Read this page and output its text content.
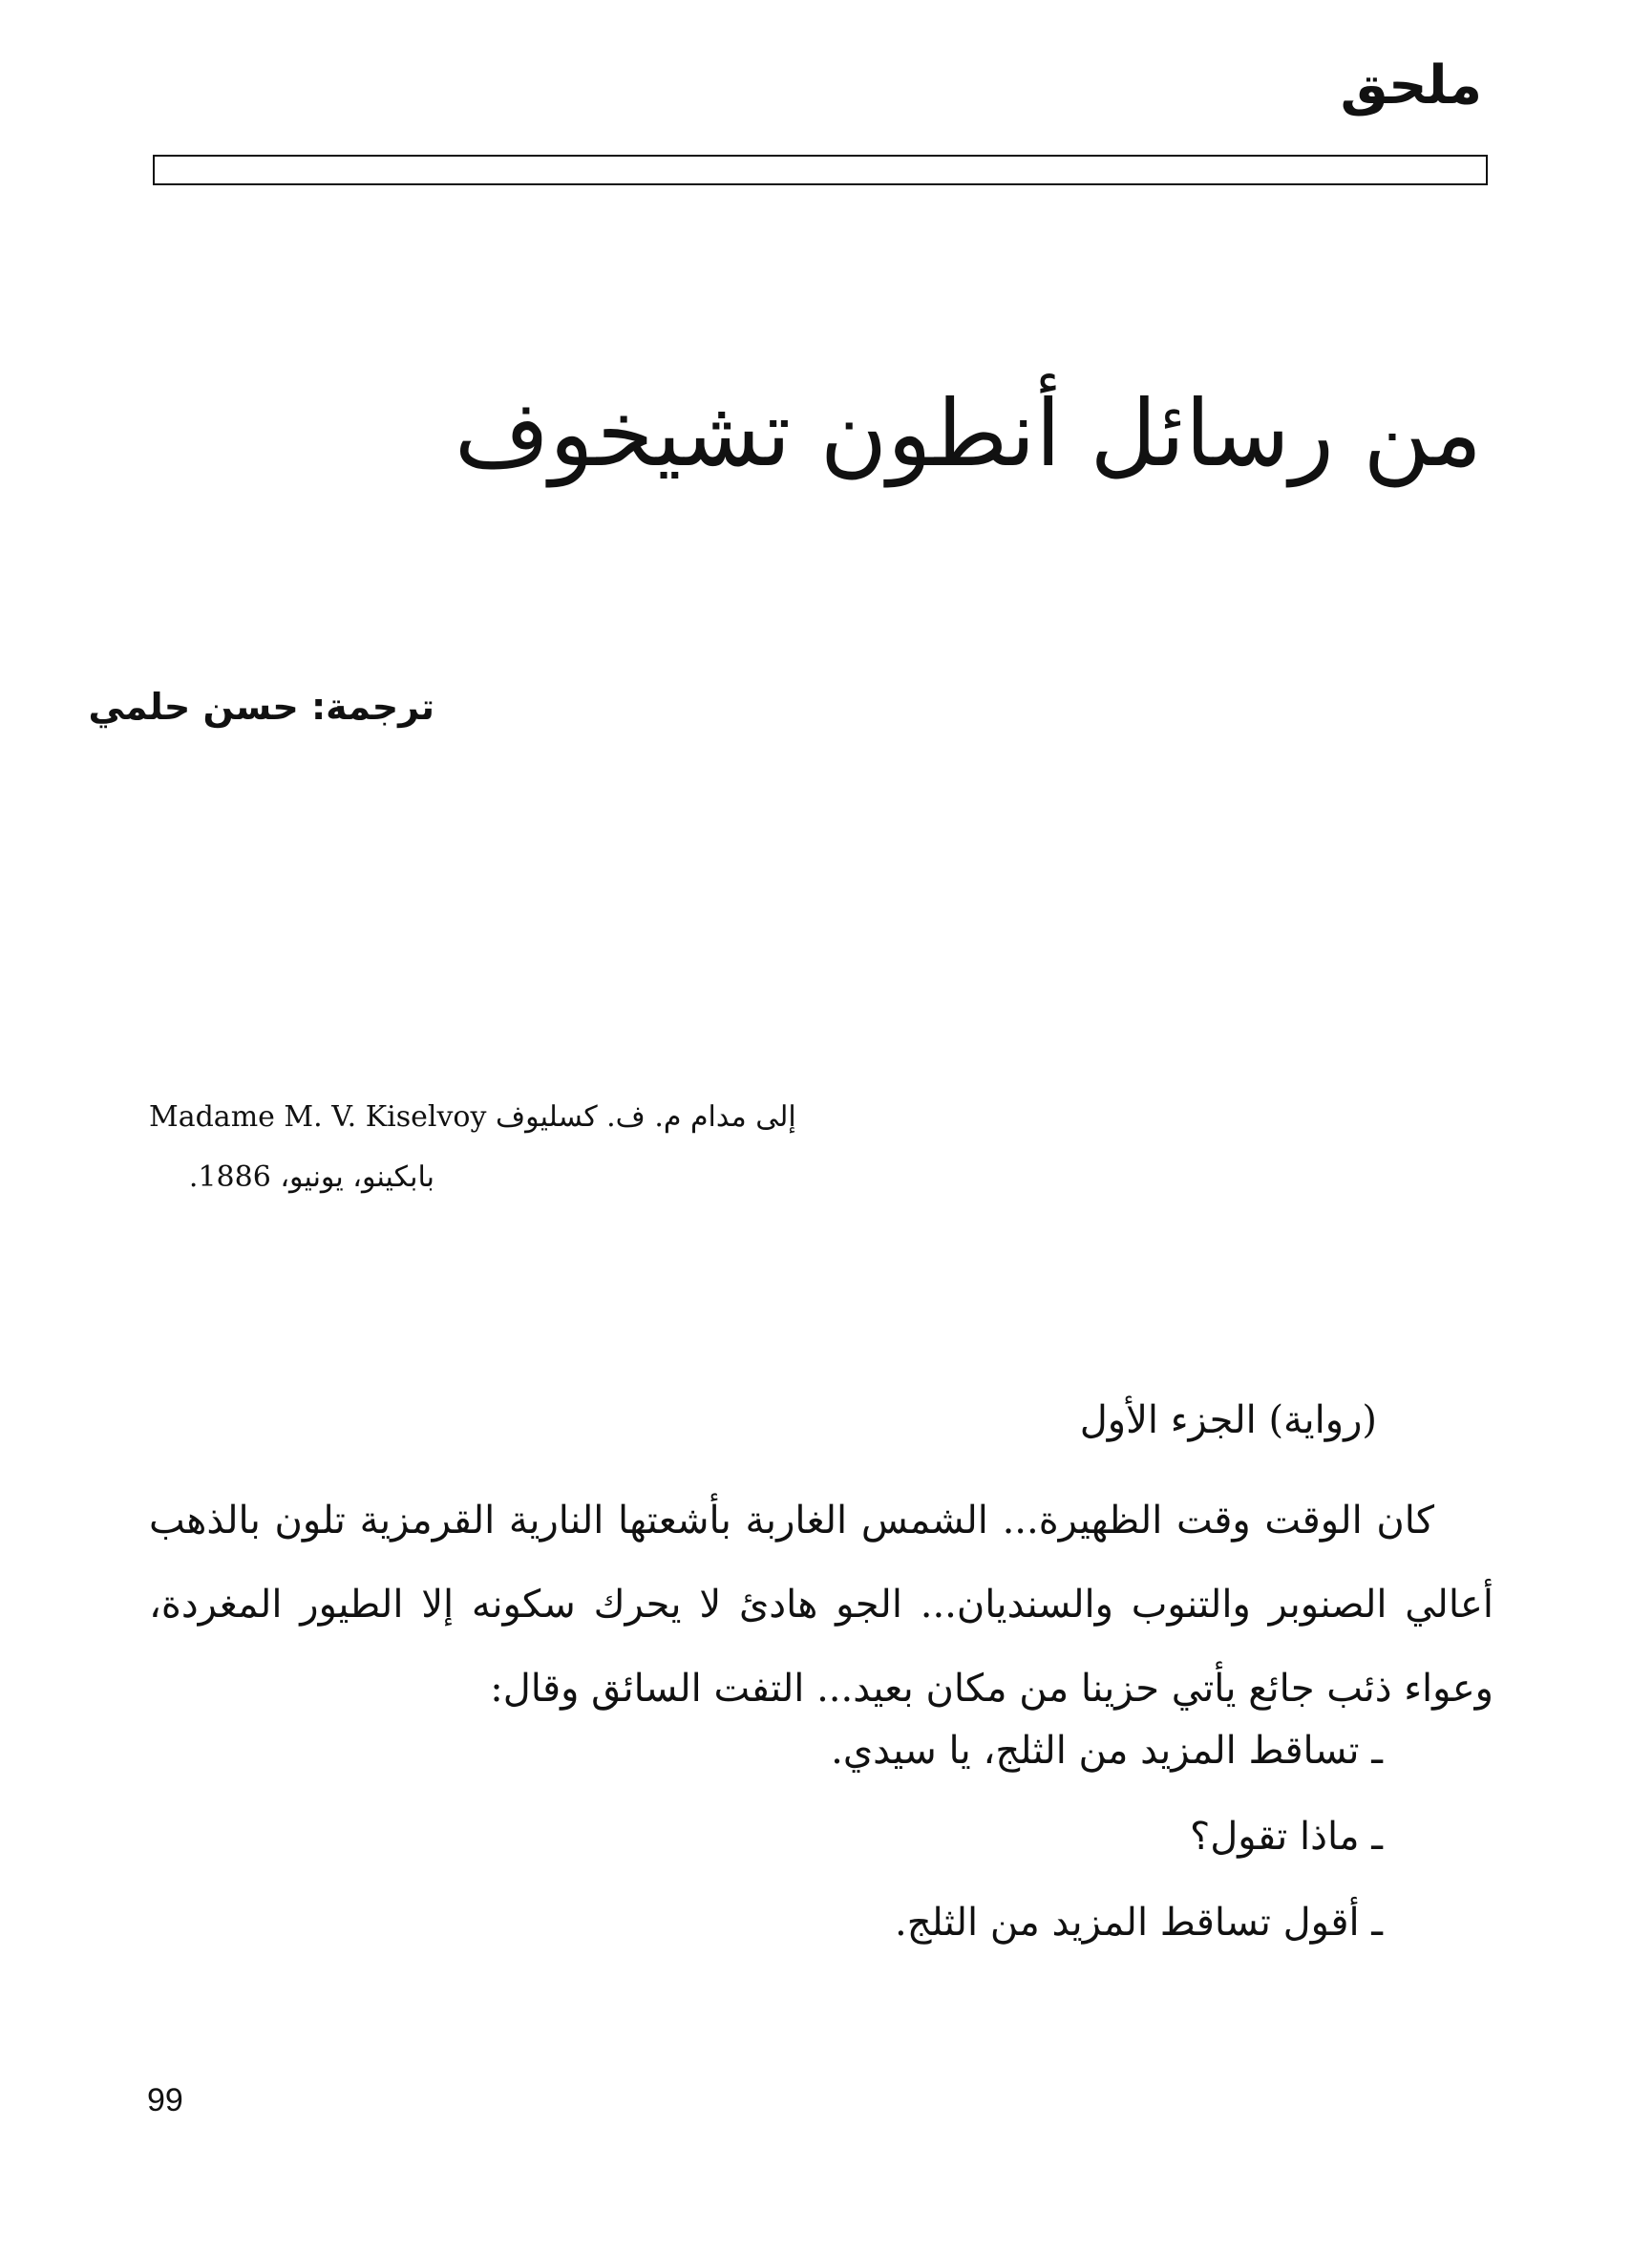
ملحق
من رسائل أنطون تشيخوف
ترجمة: حسن حلمي
Madame M. V. Kiselvoy إلى مدام م. ف. كسليوف
بابكينو، يونيو، 1886.
(رواية) الجزء الأول

كان الوقت وقت الظهيرة... الشمس الغاربة بأشعتها النارية القرمزية تلون بالذهب أعالي الصنوبر والتنوب والسنديان... الجو هادئ لا يحرك سكونه إلا الطيور المغردة، وعواء ذئب جائع يأتي حزينا من مكان بعيد... التفت السائق وقال:

ـ تساقط المزيد من الثلج، يا سيدي.
ـ ماذا تقول؟
ـ أقول تساقط المزيد من الثلج.
99
